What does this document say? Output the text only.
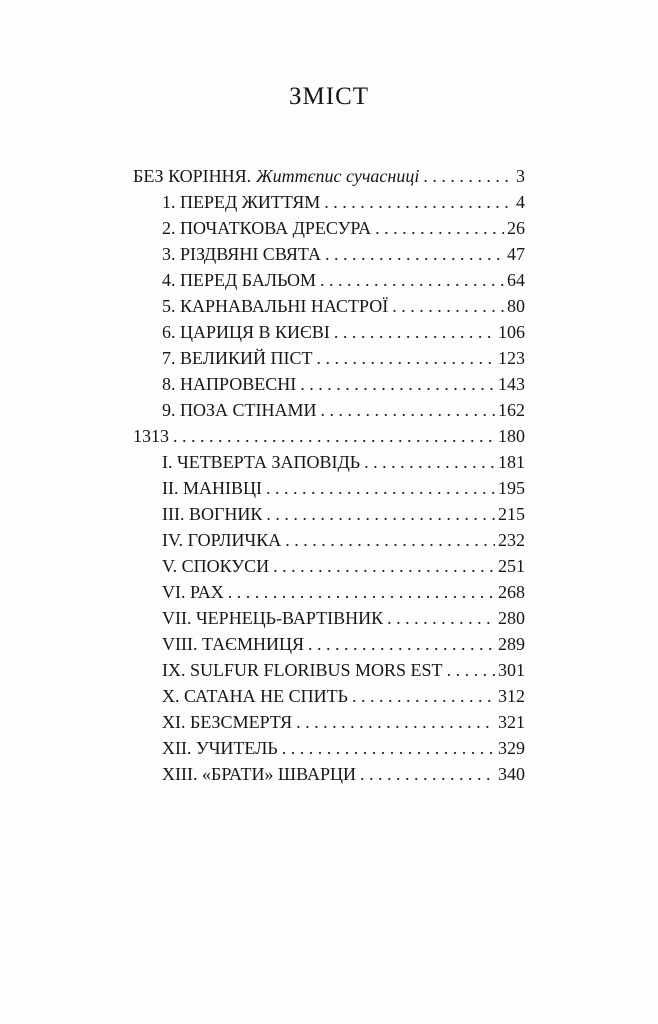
ЗМІСТ
БЕЗ КОРІННЯ. Життєпис сучасниці . . .	3
1. ПЕРЕД ЖИТТЯМ . . .	4
2. ПОЧАТКОВА ДРЕСУРА . . .	26
3. РІЗДВЯНІ СВЯТА . . .	47
4. ПЕРЕД БАЛЬОМ . . .	64
5. КАРНАВАЛЬНІ НАСТРОЇ . . .	80
6. ЦАРИЦЯ В КИЄВІ . . .	106
7. ВЕЛИКИЙ ПІСТ . . .	123
8. НАПРОВЕСНІ . . .	143
9. ПОЗА СТІНАМИ . . .	162
1313 . . .	180
I. ЧЕТВЕРТА ЗАПОВІДЬ . . .	181
II. МАНІВЦІ . . .	195
III. ВОГНИК . . .	215
IV. ГОРЛИЧКА . . .	232
V. СПОКУСИ . . .	251
VI. РАХ . . .	268
VII. ЧЕРНЕЦЬ-ВАРТІВНИК . . .	280
VIII. ТАЄМНИЦЯ . . .	289
IX. SULFUR FLORIBUS MORS EST . . .	301
X. САТАНА НЕ СПИТЬ . . .	312
XI. БЕЗСМЕРТЯ . . .	321
XII. УЧИТЕЛЬ . . .	329
XIII. «БРАТИ» ШВАРЦИ . . .	340
